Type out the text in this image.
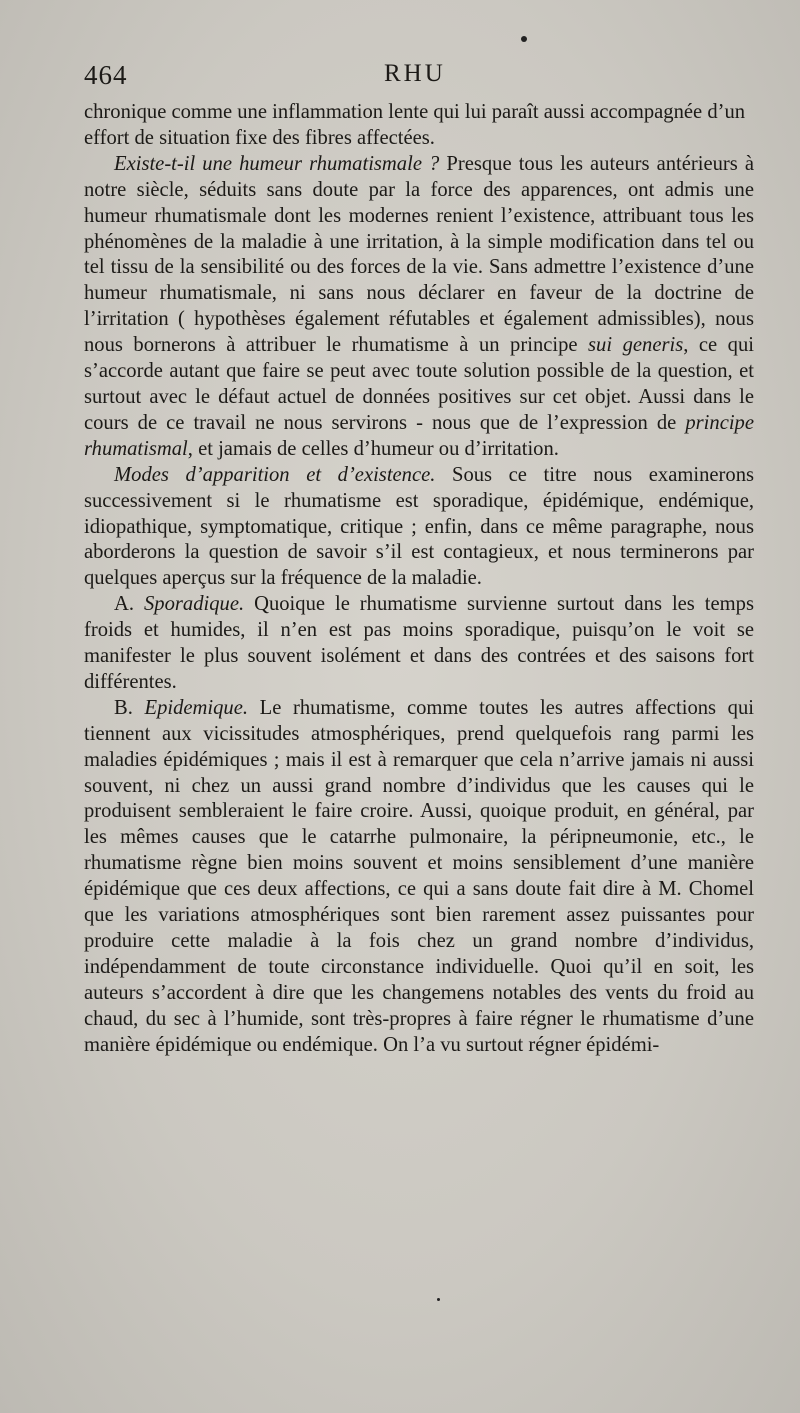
464	RHU

chronique comme une inflammation lente qui lui paraît aussi accompagnée d’un effort de situation fixe des fibres affectées.

Existe-t-il une humeur rhumatismale ? Presque tous les auteurs antérieurs à notre siècle, séduits sans doute par la force des apparences, ont admis une humeur rhumatismale dont les modernes renient l’existence, attribuant tous les phénomènes de la maladie à une irritation, à la simple modification dans tel ou tel tissu de la sensibilité ou des forces de la vie. Sans admettre l’existence d’une humeur rhumatismale, ni sans nous déclarer en faveur de la doctrine de l’irritation ( hypothèses également réfutables et également admissibles), nous nous bornerons à attribuer le rhumatisme à un principe sui generis, ce qui s’accorde autant que faire se peut avec toute solution possible de la question, et surtout avec le défaut actuel de données positives sur cet objet. Aussi dans le cours de ce travail ne nous servirons - nous que de l’expression de principe rhumatismal, et jamais de celles d’humeur ou d’irritation.

Modes d’apparition et d’existence. Sous ce titre nous examinerons successivement si le rhumatisme est sporadique, épidémique, endémique, idiopathique, symptomatique, critique ; enfin, dans ce même paragraphe, nous aborderons la question de savoir s’il est contagieux, et nous terminerons par quelques aperçus sur la fréquence de la maladie.

A. Sporadique. Quoique le rhumatisme survienne surtout dans les temps froids et humides, il n’en est pas moins sporadique, puisqu’on le voit se manifester le plus souvent isolément et dans des contrées et des saisons fort différentes.

B. Epidemique. Le rhumatisme, comme toutes les autres affections qui tiennent aux vicissitudes atmosphériques, prend quelquefois rang parmi les maladies épidémiques ; mais il est à remarquer que cela n’arrive jamais ni aussi souvent, ni chez un aussi grand nombre d’individus que les causes qui le produisent sembleraient le faire croire. Aussi, quoique produit, en général, par les mêmes causes que le catarrhe pulmonaire, la péripneumonie, etc., le rhumatisme règne bien moins souvent et moins sensiblement d’une manière épidémique que ces deux affections, ce qui a sans doute fait dire à M. Chomel que les variations atmosphériques sont bien rarement assez puissantes pour produire cette maladie à la fois chez un grand nombre d’individus, indépendamment de toute circonstance individuelle. Quoi qu’il en soit, les auteurs s’accordent à dire que les changemens notables des vents du froid au chaud, du sec à l’humide, sont très-propres à faire régner le rhumatisme d’une manière épidémique ou endémique. On l’a vu surtout régner épidémi-
